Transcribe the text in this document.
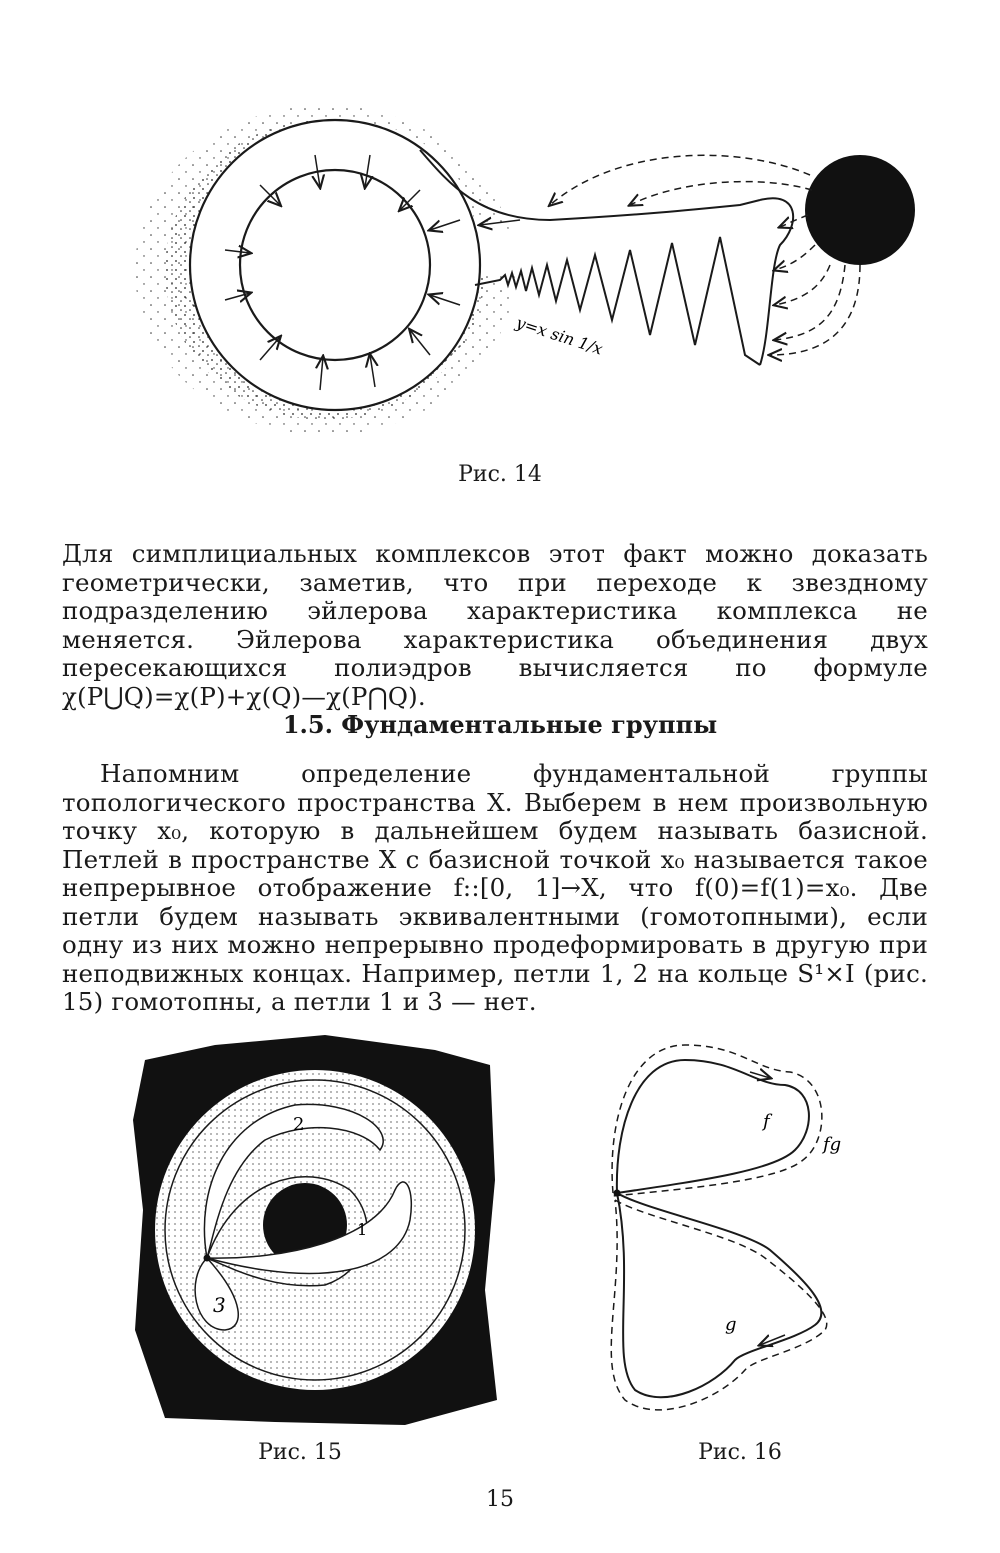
y=x sin 1/x
Рис. 14

Для симплициальных комплексов этот факт можно доказать геометрически, заметив, что при переходе к звездному подразделению эйлерова характеристика комплекса не меняется. Эйлерова характеристика объединения двух пересекающихся полиэдров вычисляется по формуле χ(P⋃Q)=χ(P)+χ(Q)—χ(P⋂Q).

1.5. Фундаментальные группы

Напомним определение фундаментальной группы топологического пространства X. Выберем в нем произвольную точку x₀, которую в дальнейшем будем называть базисной. Петлей в пространстве X с базисной точкой x₀ называется такое непрерывное отображение f::[0, 1]→X, что f(0)=f(1)=x₀. Две петли будем называть эквивалентными (гомотопными), если одну из них можно непрерывно продеформировать в другую при неподвижных концах. Например, петли 1, 2 на кольце S¹×I (рис. 15) гомотопны, а петли 1 и 3 — нет.

2
1
3
Рис. 15
f
fg
g
Рис. 16
15
